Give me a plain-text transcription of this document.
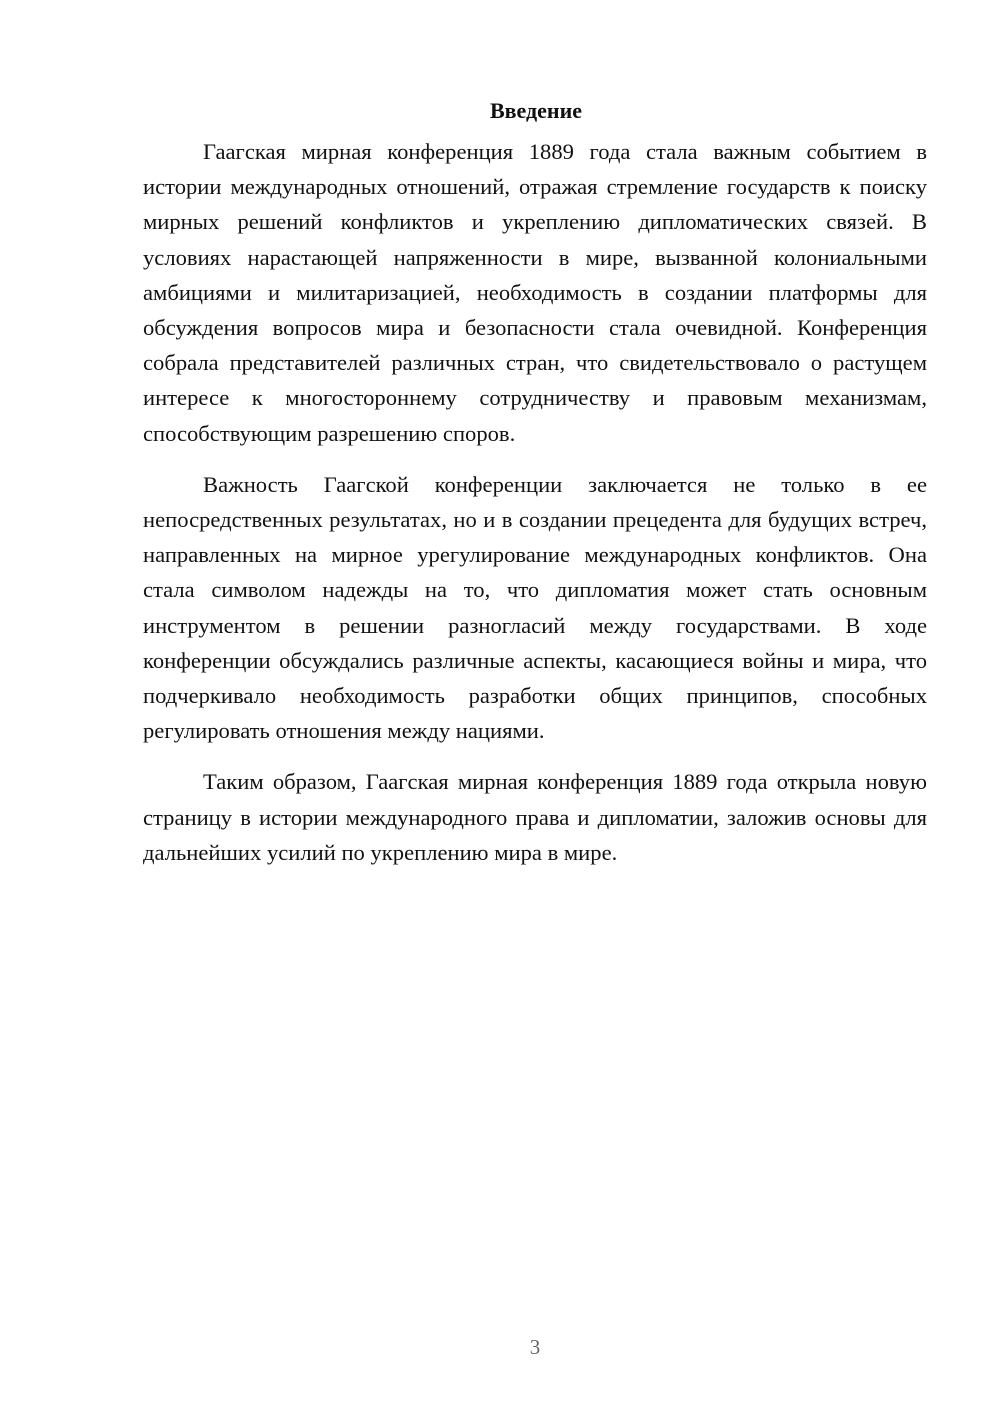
Введение

Гаагская мирная конференция 1889 года стала важным событием в истории международных отношений, отражая стремление государств к поиску мирных решений конфликтов и укреплению дипломатических связей. В условиях нарастающей напряженности в мире, вызванной колониальными амбициями и милитаризацией, необходимость в создании платформы для обсуждения вопросов мира и безопасности стала очевидной. Конференция собрала представителей различных стран, что свидетельствовало о растущем интересе к многостороннему сотрудничеству и правовым механизмам, способствующим разрешению споров.

Важность Гаагской конференции заключается не только в ее непосредственных результатах, но и в создании прецедента для будущих встреч, направленных на мирное урегулирование международных конфликтов. Она стала символом надежды на то, что дипломатия может стать основным инструментом в решении разногласий между государствами. В ходе конференции обсуждались различные аспекты, касающиеся войны и мира, что подчеркивало необходимость разработки общих принципов, способных регулировать отношения между нациями.

Таким образом, Гаагская мирная конференция 1889 года открыла новую страницу в истории международного права и дипломатии, заложив основы для дальнейших усилий по укреплению мира в мире.

3
